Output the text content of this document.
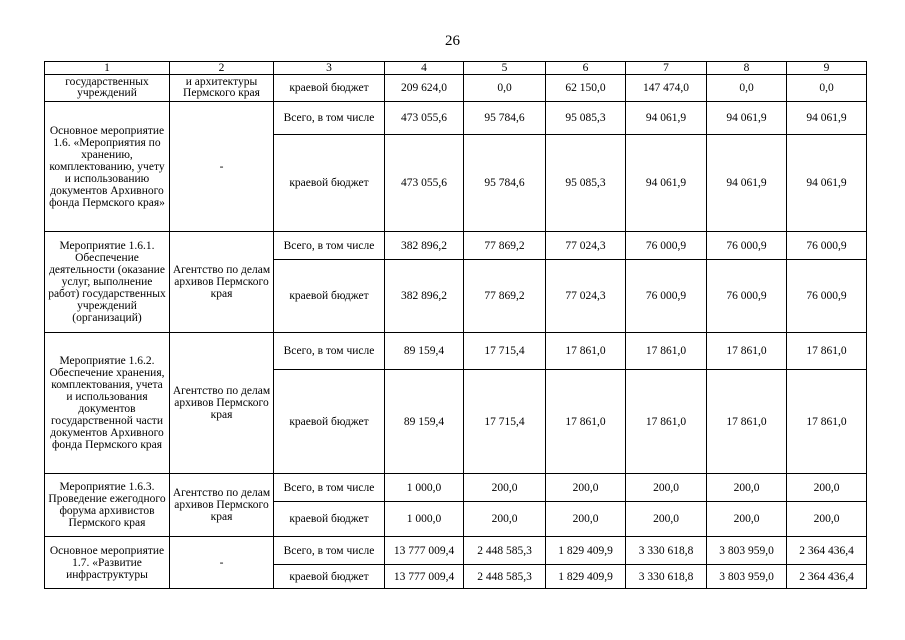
26
1	2	3	4	5	6	7	8	9
государственных учреждений	и архитектуры Пермского края	краевой бюджет	209 624,0	0,0	62 150,0	147 474,0	0,0	0,0
Основное мероприятие 1.6. «Мероприятия по хранению, комплектованию, учету и использованию документов Архивного фонда Пермского края»	-	Всего, в том числе	473 055,6	95 784,6	95 085,3	94 061,9	94 061,9	94 061,9
		краевой бюджет	473 055,6	95 784,6	95 085,3	94 061,9	94 061,9	94 061,9
Мероприятие 1.6.1. Обеспечение деятельности (оказание услуг, выполнение работ) государственных учреждений (организаций)	Агентство по делам архивов Пермского края	Всего, в том числе	382 896,2	77 869,2	77 024,3	76 000,9	76 000,9	76 000,9
		краевой бюджет	382 896,2	77 869,2	77 024,3	76 000,9	76 000,9	76 000,9
Мероприятие 1.6.2. Обеспечение хранения, комплектования, учета и использования документов государственной части документов Архивного фонда Пермского края	Агентство по делам архивов Пермского края	Всего, в том числе	89 159,4	17 715,4	17 861,0	17 861,0	17 861,0	17 861,0
		краевой бюджет	89 159,4	17 715,4	17 861,0	17 861,0	17 861,0	17 861,0
Мероприятие 1.6.3. Проведение ежегодного форума архивистов Пермского края	Агентство по делам архивов Пермского края	Всего, в том числе	1 000,0	200,0	200,0	200,0	200,0	200,0
		краевой бюджет	1 000,0	200,0	200,0	200,0	200,0	200,0
Основное мероприятие 1.7. «Развитие инфраструктуры	-	Всего, в том числе	13 777 009,4	2 448 585,3	1 829 409,9	3 330 618,8	3 803 959,0	2 364 436,4
		краевой бюджет	13 777 009,4	2 448 585,3	1 829 409,9	3 330 618,8	3 803 959,0	2 364 436,4
